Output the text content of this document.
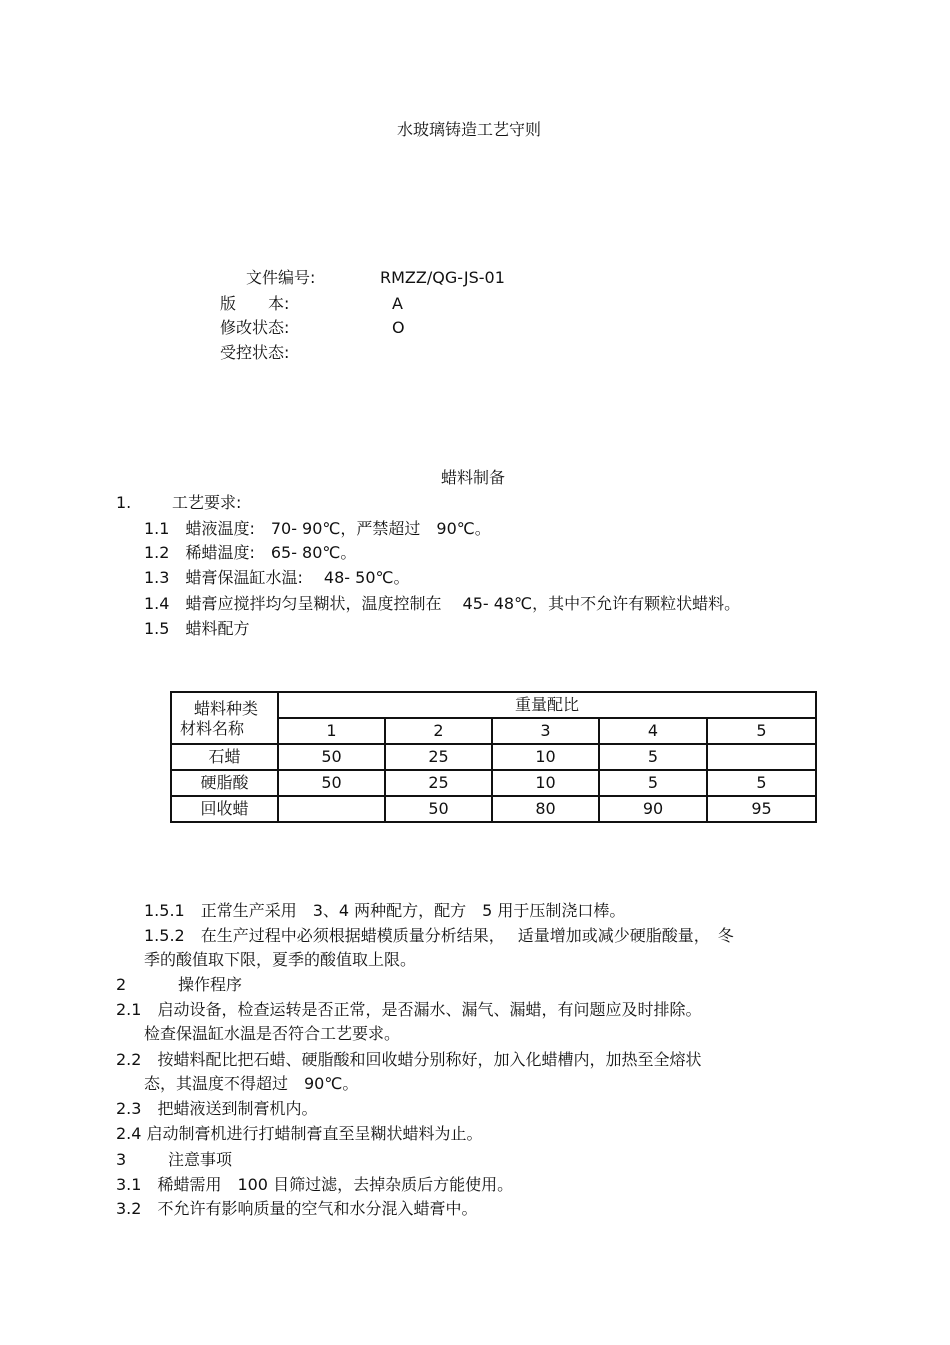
水玻璃铸造工艺守则
文件编号:	RMZZ/QG-JS-01
版　　本:	A
修改状态:	O
受控状态:
蜡料制备
1.	工艺要求:
1.1　蜡液温度:　70- 90℃，严禁超过　90℃。
1.2　稀蜡温度:　65- 80℃。
1.3　蜡膏保温缸水温:　 48- 50℃。
1.4　蜡膏应搅拌均匀呈糊状，温度控制在　 45- 48℃，其中不允许有颗粒状蜡料。
1.5　蜡料配方
蜡料种类
材料名称	重量配比				
	1	2	3	4	5
石蜡	50	25	10	5	
硬脂酸	50	25	10	5	5
回收蜡		50	80	90	95
1.5.1　正常生产采用　3、4 两种配方，配方　5 用于压制浇口棒。
1.5.2　在生产过程中必须根据蜡模质量分析结果，　 适量增加或减少硬脂酸量，　冬
季的酸值取下限，夏季的酸值取上限。
2	操作程序
2.1　启动设备，检查运转是否正常，是否漏水、漏气、漏蜡，有问题应及时排除。
检查保温缸水温是否符合工艺要求。
2.2　按蜡料配比把石蜡、硬脂酸和回收蜡分别称好，加入化蜡槽内，加热至全熔状
态，其温度不得超过　90℃。
2.3　把蜡液送到制膏机内。
2.4 启动制膏机进行打蜡制膏直至呈糊状蜡料为止。
3	注意事项
3.1　稀蜡需用　100 目筛过滤，去掉杂质后方能使用。
3.2　不允许有影响质量的空气和水分混入蜡膏中。
